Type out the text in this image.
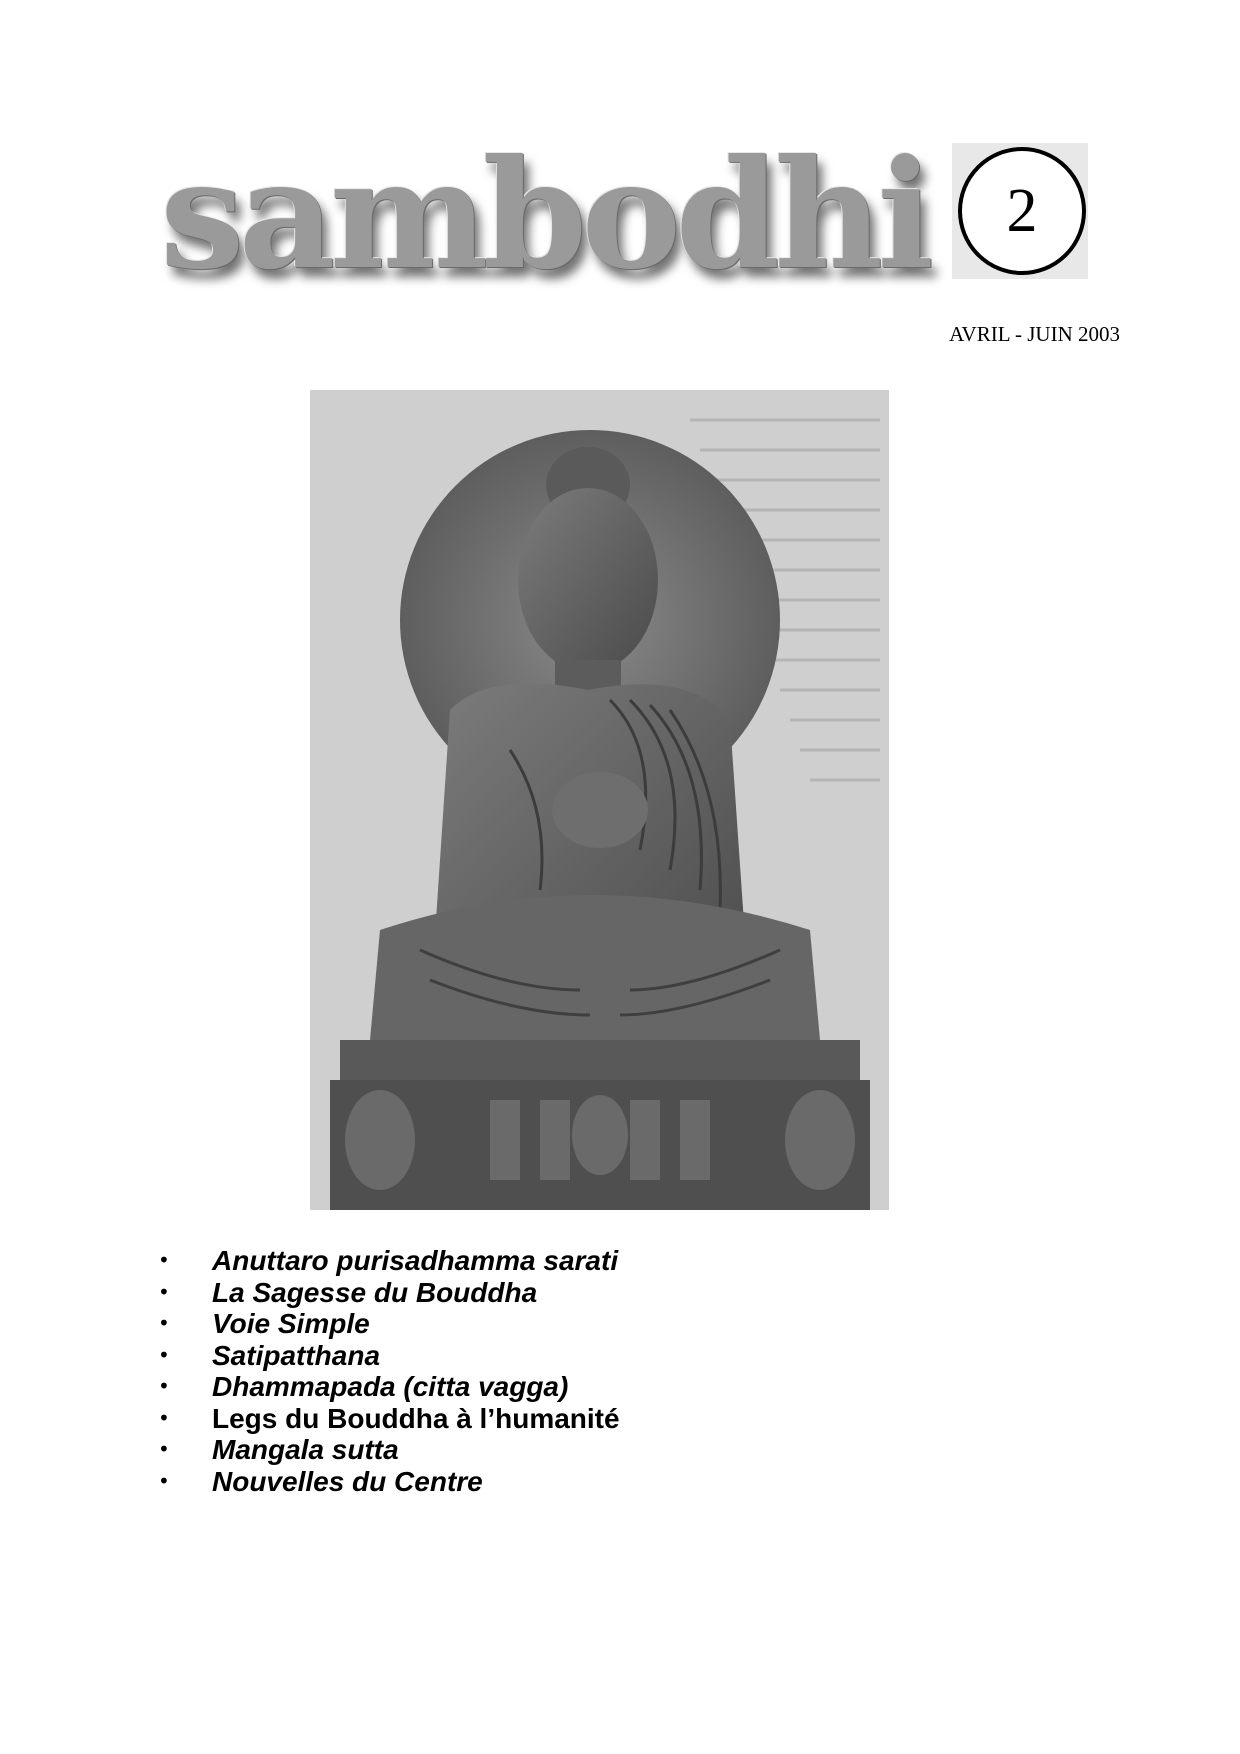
sambodhi	2
AVRIL - JUIN 2003
• Anuttaro purisadhamma sarati
• La Sagesse du Bouddha
• Voie Simple
• Satipatthana
• Dhammapada (citta vagga)
• Legs du Bouddha à l’humanité
• Mangala sutta
• Nouvelles du Centre
